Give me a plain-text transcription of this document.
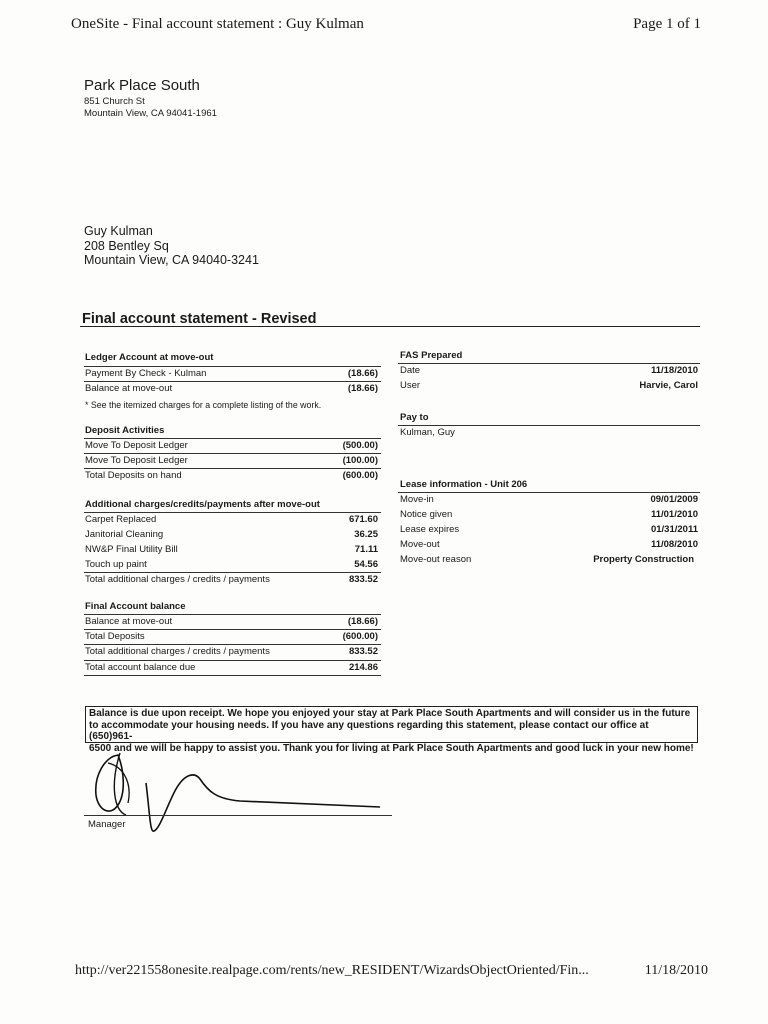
OneSite - Final account statement : Guy Kulman	Page 1 of 1
Park Place South
851 Church St
Mountain View, CA 94041-1961
Guy Kulman
208 Bentley Sq
Mountain View, CA 94040-3241
Final account statement - Revised
Ledger Account at move-out
Payment By Check - Kulman	(18.66)
Balance at move-out	(18.66)
* See the itemized charges for a complete listing of the work.
Deposit Activities
Move To Deposit Ledger	(500.00)
Move To Deposit Ledger	(100.00)
Total Deposits on hand	(600.00)
Additional charges/credits/payments after move-out
Carpet Replaced	671.60
Janitorial Cleaning	36.25
NW&P Final Utility Bill	71.11
Touch up paint	54.56
Total additional charges / credits / payments	833.52
Final Account balance
Balance at move-out	(18.66)
Total Deposits	(600.00)
Total additional charges / credits / payments	833.52
Total account balance due	214.86
FAS Prepared
Date	11/18/2010
User	Harvie, Carol
Pay to
Kulman, Guy
Lease information - Unit 206
Move-in	09/01/2009
Notice given	11/01/2010
Lease expires	01/31/2011
Move-out	11/08/2010
Move-out reason	Property Construction
Balance is due upon receipt. We hope you enjoyed your stay at Park Place South Apartments and will consider us in the future
to accommodate your housing needs. If you have any questions regarding this statement, please contact our office at (650)961-
6500 and we will be happy to assist you. Thank you for living at Park Place South Apartments and good luck in your new home!
Manager
http://ver221558onesite.realpage.com/rents/new_RESIDENT/WizardsObjectOriented/Fin...	11/18/2010
